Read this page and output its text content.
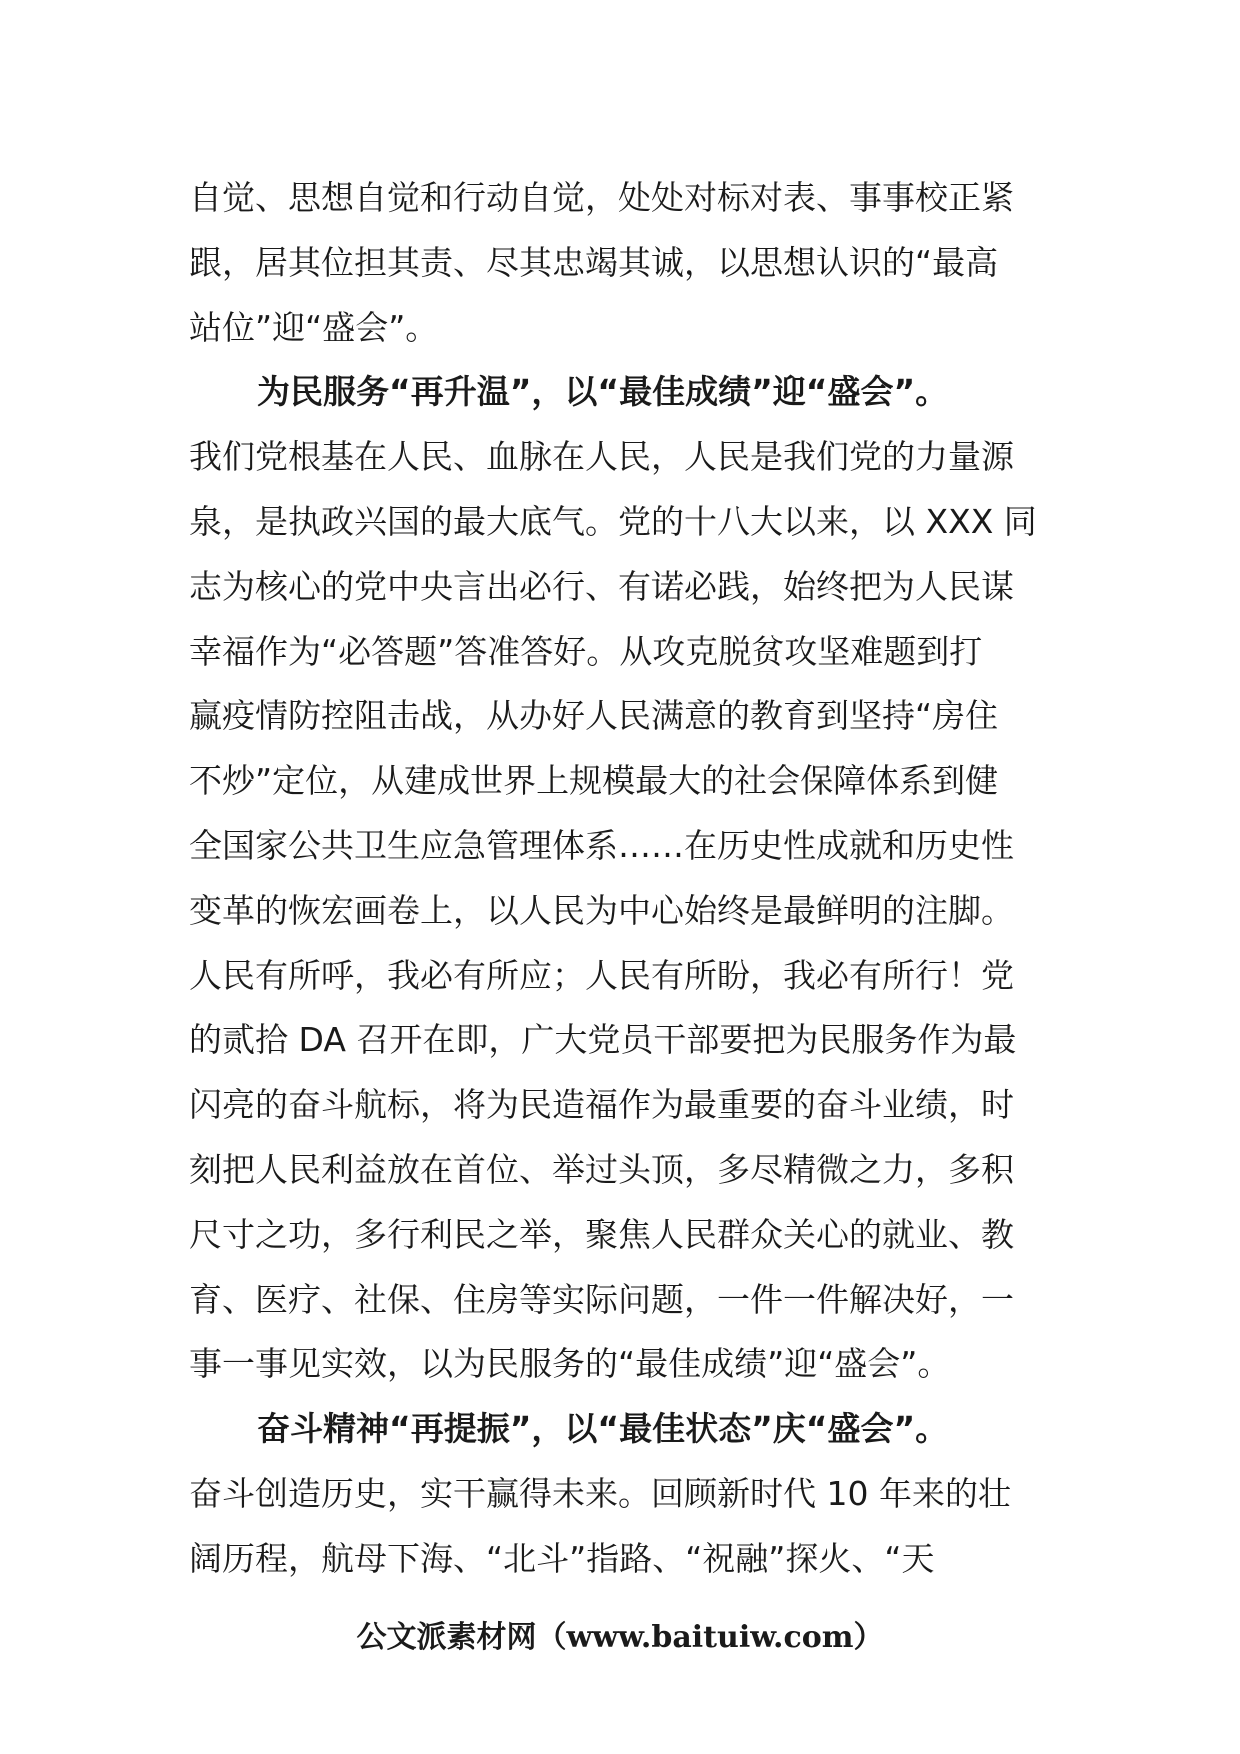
自觉、思想自觉和行动自觉，处处对标对表、事事校正紧
跟，居其位担其责、尽其忠竭其诚，以思想认识的“最高
站位”迎“盛会”。
为民服务“再升温”，以“最佳成绩”迎“盛会”。
我们党根基在人民、血脉在人民，人民是我们党的力量源
泉，是执政兴国的最大底气。党的十八大以来，以 XXX 同
志为核心的党中央言出必行、有诺必践，始终把为人民谋
幸福作为“必答题”答准答好。从攻克脱贫攻坚难题到打
赢疫情防控阻击战，从办好人民满意的教育到坚持“房住
不炒”定位，从建成世界上规模最大的社会保障体系到健
全国家公共卫生应急管理体系……在历史性成就和历史性
变革的恢宏画卷上，以人民为中心始终是最鲜明的注脚。
人民有所呼，我必有所应；人民有所盼，我必有所行！党
的贰拾 DA 召开在即，广大党员干部要把为民服务作为最
闪亮的奋斗航标，将为民造福作为最重要的奋斗业绩，时
刻把人民利益放在首位、举过头顶，多尽精微之力，多积
尺寸之功，多行利民之举，聚焦人民群众关心的就业、教
育、医疗、社保、住房等实际问题，一件一件解决好，一
事一事见实效，以为民服务的“最佳成绩”迎“盛会”。
奋斗精神“再提振”，以“最佳状态”庆“盛会”。
奋斗创造历史，实干赢得未来。回顾新时代 10 年来的壮
阔历程，航母下海、“北斗”指路、“祝融”探火、“天
公文派素材网（www.baituiw.com）
